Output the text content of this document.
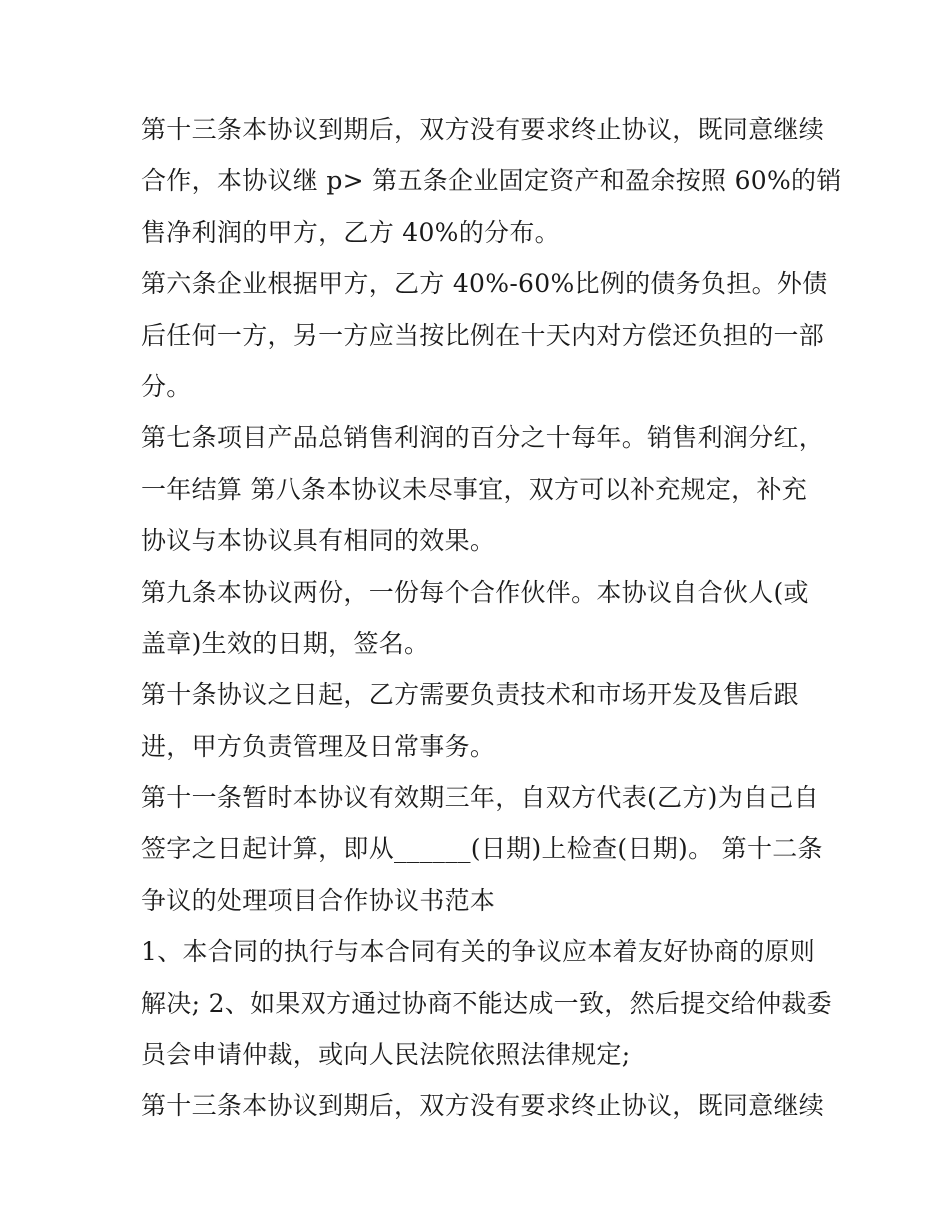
第十三条本协议到期后，双方没有要求终止协议，既同意继续
合作，本协议继 p> 第五条企业固定资产和盈余按照 60%的销
售净利润的甲方，乙方 40%的分布。
第六条企业根据甲方，乙方 40%-60%比例的债务负担。外债
后任何一方，另一方应当按比例在十天内对方偿还负担的一部
分。
第七条项目产品总销售利润的百分之十每年。销售利润分红，
一年结算 第八条本协议未尽事宜，双方可以补充规定，补充
协议与本协议具有相同的效果。
第九条本协议两份，一份每个合作伙伴。本协议自合伙人(或
盖章)生效的日期，签名。
第十条协议之日起，乙方需要负责技术和市场开发及售后跟
进，甲方负责管理及日常事务。
第十一条暂时本协议有效期三年，自双方代表(乙方)为自己自
签字之日起计算，即从______(日期)上检查(日期)。 第十二条
争议的处理项目合作协议书范本
1、本合同的执行与本合同有关的争议应本着友好协商的原则
解决; 2、如果双方通过协商不能达成一致，然后提交给仲裁委
员会申请仲裁，或向人民法院依照法律规定;
第十三条本协议到期后，双方没有要求终止协议，既同意继续
